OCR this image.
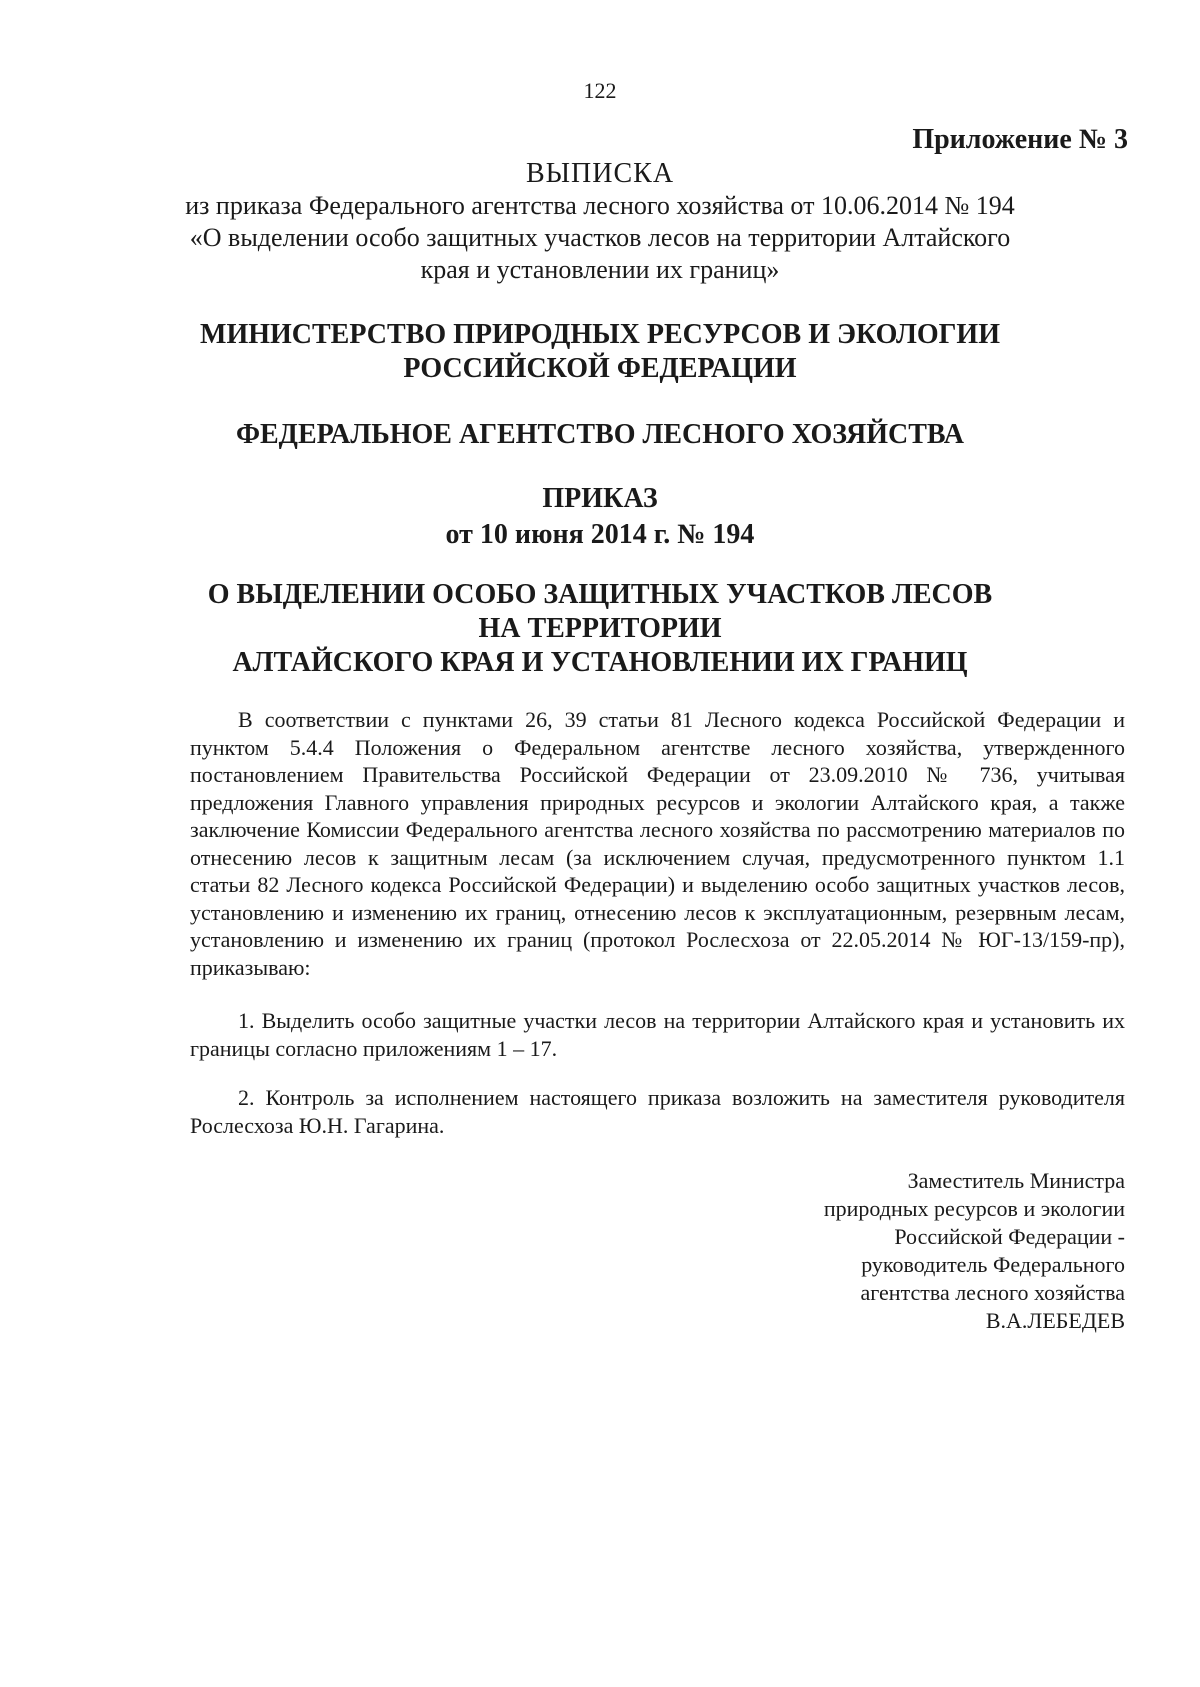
122
Приложение № 3
ВЫПИСКА
из приказа Федерального агентства лесного хозяйства от 10.06.2014 № 194
«О выделении особо защитных участков лесов на территории Алтайского
края и установлении их границ»
МИНИСТЕРСТВО ПРИРОДНЫХ РЕСУРСОВ И ЭКОЛОГИИ
РОССИЙСКОЙ ФЕДЕРАЦИИ
ФЕДЕРАЛЬНОЕ АГЕНТСТВО ЛЕСНОГО ХОЗЯЙСТВА
ПРИКАЗ
от 10 июня 2014 г. № 194
О ВЫДЕЛЕНИИ ОСОБО ЗАЩИТНЫХ УЧАСТКОВ ЛЕСОВ
НА ТЕРРИТОРИИ
АЛТАЙСКОГО КРАЯ И УСТАНОВЛЕНИИ ИХ ГРАНИЦ

В соответствии с пунктами 26, 39 статьи 81 Лесного кодекса Российской Федерации и пунктом 5.4.4 Положения о Федеральном агентстве лесного хозяйства, утвержденного постановлением Правительства Российской Федерации от 23.09.2010 № 736, учитывая предложения Главного управления природных ресурсов и экологии Алтайского края, а также заключение Комиссии Федерального агентства лесного хозяйства по рассмотрению материалов по отнесению лесов к защитным лесам (за исключением случая, предусмотренного пунктом 1.1 статьи 82 Лесного кодекса Российской Федерации) и выделению особо защитных участков лесов, установлению и изменению их границ, отнесению лесов к эксплуатационным, резервным лесам, установлению и изменению их границ (протокол Рослесхоза от 22.05.2014 № ЮГ-13/159-пр), приказываю:

1. Выделить особо защитные участки лесов на территории Алтайского края и установить их границы согласно приложениям 1 – 17.

2. Контроль за исполнением настоящего приказа возложить на заместителя руководителя Рослесхоза Ю.Н. Гагарина.

Заместитель Министра
природных ресурсов и экологии
Российской Федерации -
руководитель Федерального
агентства лесного хозяйства
В.А.ЛЕБЕДЕВ
